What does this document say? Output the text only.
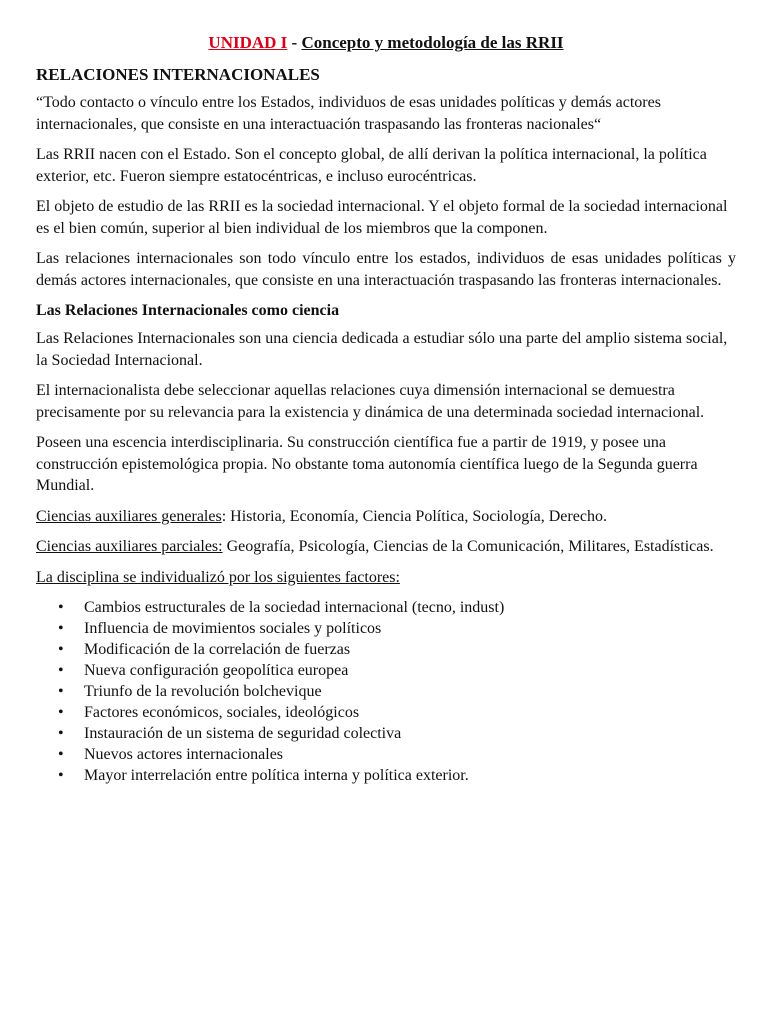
UNIDAD I - Concepto y metodología de las RRII
RELACIONES INTERNACIONALES

“Todo contacto o vínculo entre los Estados, individuos de esas unidades políticas y demás actores internacionales, que consiste en una interactuación traspasando las fronteras nacionales“

Las RRII nacen con el Estado. Son el concepto global, de allí derivan la política internacional, la política exterior, etc. Fueron siempre estatocéntricas, e incluso eurocéntricas.

El objeto de estudio de las RRII es la sociedad internacional. Y el objeto formal de la sociedad internacional es el bien común, superior al bien individual de los miembros que la componen.

Las relaciones internacionales son todo vínculo entre los estados, individuos de esas unidades políticas y demás actores internacionales, que consiste en una interactuación traspasando las fronteras internacionales.

Las Relaciones Internacionales como ciencia

Las Relaciones Internacionales son una ciencia dedicada a estudiar sólo una parte del amplio sistema social, la Sociedad Internacional.

El internacionalista debe seleccionar aquellas relaciones cuya dimensión internacional se demuestra precisamente por su relevancia para la existencia y dinámica de una determinada sociedad internacional.

Poseen una escencia interdisciplinaria. Su construcción científica fue a partir de 1919, y posee una construcción epistemológica propia. No obstante toma autonomía científica luego de la Segunda guerra Mundial.

Ciencias auxiliares generales: Historia, Economía, Ciencia Política, Sociología, Derecho.

Ciencias auxiliares parciales: Geografía, Psicología, Ciencias de la Comunicación, Militares, Estadísticas.

La disciplina se individualizó por los siguientes factores:

• Cambios estructurales de la sociedad internacional (tecno, indust)
• Influencia de movimientos sociales y políticos
• Modificación de la correlación de fuerzas
• Nueva configuración geopolítica europea
• Triunfo de la revolución bolchevique
• Factores económicos, sociales, ideológicos
• Instauración de un sistema de seguridad colectiva
• Nuevos actores internacionales
• Mayor interrelación entre política interna y política exterior.
